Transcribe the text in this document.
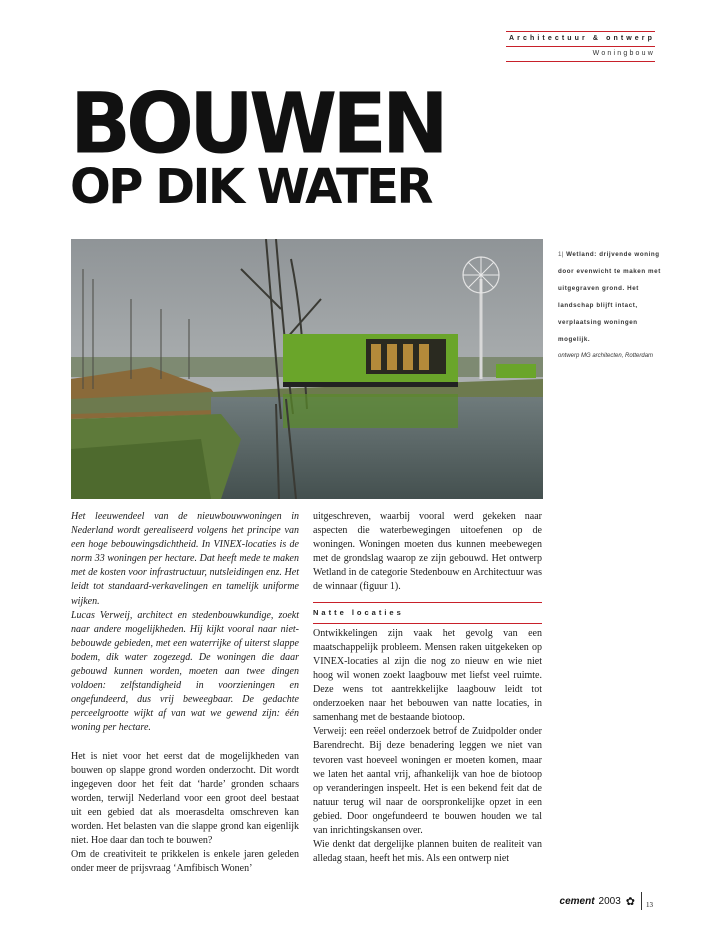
Architectuur & ontwerp
Woningbouw
BOUWEN
OP DIK WATER
1| Wetland: drijvende woning door evenwicht te maken met uitgegraven grond. Het landschap blijft intact, verplaatsing woningen mogelijk.
ontwerp MG architecten, Rotterdam

Het leeuwendeel van de nieuwbouwwoningen in Nederland wordt gerealiseerd volgens het principe van een hoge bebouwingsdichtheid. In VINEX-locaties is de norm 33 woningen per hectare. Dat heeft mede te maken met de kosten voor infrastructuur, nutsleidingen enz. Het leidt tot standaard-verkavelingen en tamelijk uniforme wijken.

Lucas Verweij, architect en stedenbouwkundige, zoekt naar andere mogelijkheden. Hij kijkt vooral naar niet-bebouwde gebieden, met een waterrijke of uiterst slappe bodem, dik water zogezegd. De woningen die daar gebouwd kunnen worden, moeten aan twee dingen voldoen: zelfstandigheid in voorzieningen en ongefundeerd, dus vrij beweegbaar. De gedachte perceelgrootte wijkt af van wat we gewend zijn: één woning per hectare.

Het is niet voor het eerst dat de mogelijkheden van bouwen op slappe grond worden onderzocht. Dit wordt ingegeven door het feit dat ‘harde’ gronden schaars worden, terwijl Nederland voor een groot deel bestaat uit een gebied dat als moerasdelta omschreven kan worden. Het belasten van die slappe grond kan eigenlijk niet. Hoe daar dan toch te bouwen?

Om de creativiteit te prikkelen is enkele jaren geleden onder meer de prijsvraag ‘Amfibisch Wonen’

uitgeschreven, waarbij vooral werd gekeken naar aspecten die waterbewegingen uitoefenen op de woningen. Woningen moeten dus kunnen meebewegen met de grondslag waarop ze zijn gebouwd. Het ontwerp Wetland in de categorie Stedenbouw en Architectuur was de winnaar (figuur 1).

Natte locaties

Ontwikkelingen zijn vaak het gevolg van een maatschappelijk probleem. Mensen raken uitgekeken op VINEX-locaties al zijn die nog zo nieuw en wie niet hoog wil wonen zoekt laagbouw met liefst veel ruimte. Deze wens tot aantrekkelijke laagbouw leidt tot onderzoeken naar het bebouwen van natte locaties, in samenhang met de bestaande biotoop.

Verweij: een reëel onderzoek betrof de Zuidpolder onder Barendrecht. Bij deze benadering leggen we niet van tevoren vast hoeveel woningen er moeten komen, maar we laten het aantal vrij, afhankelijk van hoe de biotoop op veranderingen inspeelt. Het is een bekend feit dat de natuur terug wil naar de oorspronkelijke opzet in een gebied. Door ongefundeerd te bouwen houden we tal van inrichtingskansen over.

Wie denkt dat dergelijke plannen buiten de realiteit van alledag staan, heeft het mis. Als een ontwerp niet

cement 2003 ✿ 13
